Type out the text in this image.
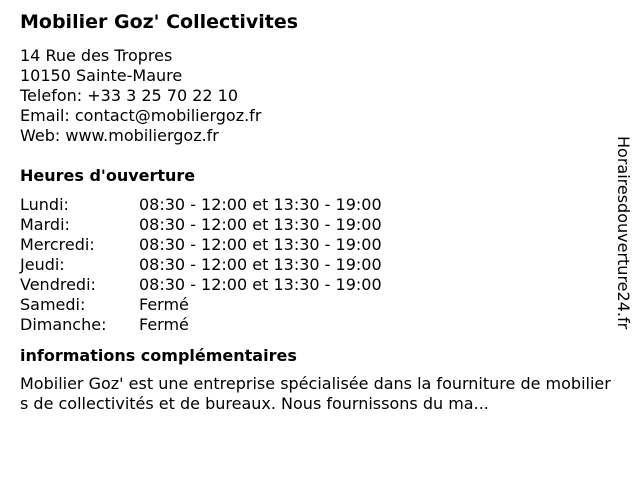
Mobilier Goz' Collectivites
14 Rue des Tropres
10150 Sainte-Maure
Telefon: +33 3 25 70 22 10
Email: contact@mobiliergoz.fr
Web: www.mobiliergoz.fr
Heures d'ouverture
Lundi:	08:30 - 12:00 et 13:30 - 19:00
Mardi:	08:30 - 12:00 et 13:30 - 19:00
Mercredi:	08:30 - 12:00 et 13:30 - 19:00
Jeudi:	08:30 - 12:00 et 13:30 - 19:00
Vendredi:	08:30 - 12:00 et 13:30 - 19:00
Samedi:	Fermé
Dimanche:	Fermé
informations complémentaires
Mobilier Goz' est une entreprise spécialisée dans la fourniture de mobiliers de collectivités et de bureaux. Nous fournissons du ma...
Horairesdouverture24.fr
